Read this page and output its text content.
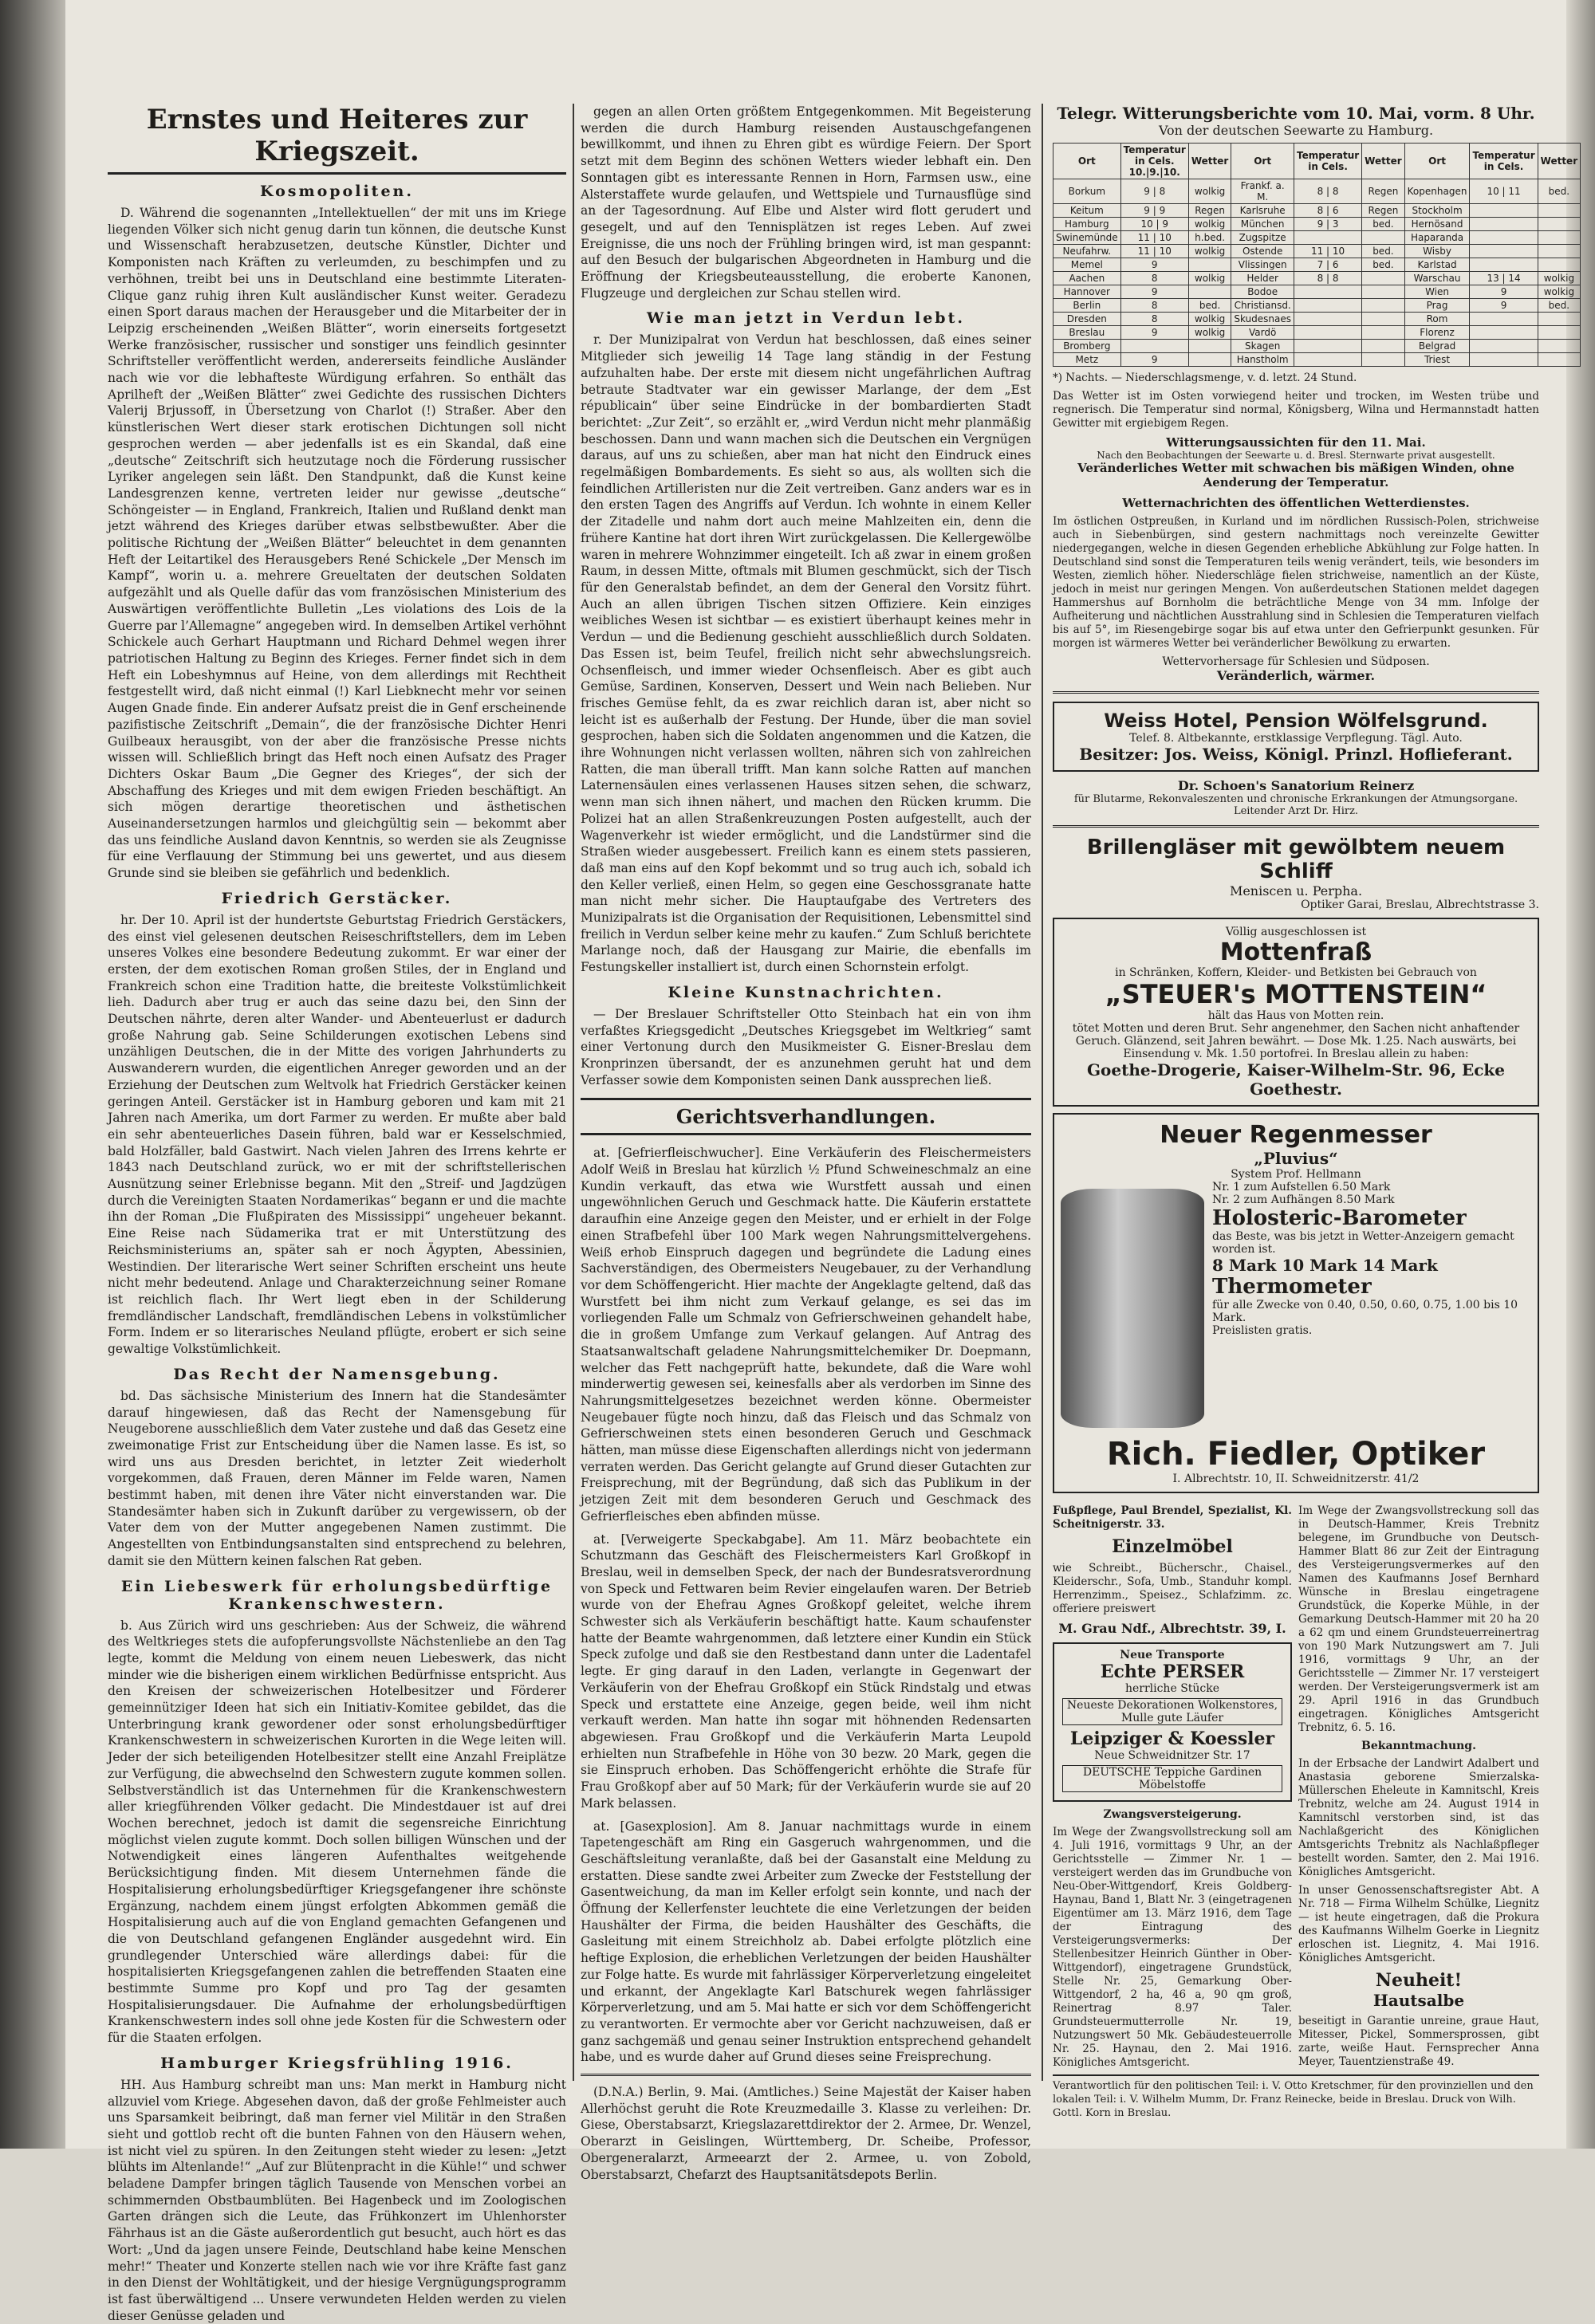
Ernstes und Heiteres zur Kriegszeit.
Kosmopoliten.

D. Während die sogenannten „Intellektuellen“ der mit uns im Kriege liegenden Völker sich nicht genug darin tun können, die deutsche Kunst und Wissenschaft herabzusetzen, deutsche Künstler, Dichter und Komponisten nach Kräften zu verleumden, zu beschimpfen und zu verhöhnen, treibt bei uns in Deutschland eine bestimmte Literaten-Clique ganz ruhig ihren Kult ausländischer Kunst weiter. Geradezu einen Sport daraus machen der Herausgeber und die Mitarbeiter der in Leipzig erscheinenden „Weißen Blätter“, worin einerseits fortgesetzt Werke französischer, russischer und sonstiger uns feindlich gesinnter Schriftsteller veröffentlicht werden, andererseits feindliche Ausländer nach wie vor die lebhafteste Würdigung erfahren. So enthält das Aprilheft der „Weißen Blätter“ zwei Gedichte des russischen Dichters Valerij Brjussoff, in Übersetzung von Charlot (!) Straßer. Aber den künstlerischen Wert dieser stark erotischen Dichtungen soll nicht gesprochen werden — aber jedenfalls ist es ein Skandal, daß eine „deutsche“ Zeitschrift sich heutzutage noch die Förderung russischer Lyriker angelegen sein läßt. Den Standpunkt, daß die Kunst keine Landesgrenzen kenne, vertreten leider nur gewisse „deutsche“ Schöngeister — in England, Frankreich, Italien und Rußland denkt man jetzt während des Krieges darüber etwas selbstbewußter. Aber die politische Richtung der „Weißen Blätter“ beleuchtet in dem genannten Heft der Leitartikel des Herausgebers René Schickele „Der Mensch im Kampf“, worin u. a. mehrere Greueltaten der deutschen Soldaten aufgezählt und als Quelle dafür das vom französischen Ministerium des Auswärtigen veröffentlichte Bulletin „Les violations des Lois de la Guerre par l’Allemagne“ angegeben wird. In demselben Artikel verhöhnt Schickele auch Gerhart Hauptmann und Richard Dehmel wegen ihrer patriotischen Haltung zu Beginn des Krieges. Ferner findet sich in dem Heft ein Lobeshymnus auf Heine, von dem allerdings mit Rechtheit festgestellt wird, daß nicht einmal (!) Karl Liebknecht mehr vor seinen Augen Gnade finde. Ein anderer Aufsatz preist die in Genf erscheinende pazifistische Zeitschrift „Demain“, die der französische Dichter Henri Guilbeaux herausgibt, von der aber die französische Presse nichts wissen will. Schließlich bringt das Heft noch einen Aufsatz des Prager Dichters Oskar Baum „Die Gegner des Krieges“, der sich der Abschaffung des Krieges und mit dem ewigen Frieden beschäftigt. An sich mögen derartige theoretischen und ästhetischen Auseinandersetzungen harmlos und gleichgültig sein — bekommt aber das uns feindliche Ausland davon Kenntnis, so werden sie als Zeugnisse für eine Verflauung der Stimmung bei uns gewertet, und aus diesem Grunde sind sie bleiben sie gefährlich und bedenklich.

Friedrich Gerstäcker.

hr. Der 10. April ist der hundertste Geburtstag Friedrich Gerstäckers, des einst viel gelesenen deutschen Reiseschriftstellers, dem im Leben unseres Volkes eine besondere Bedeutung zukommt. Er war einer der ersten, der dem exotischen Roman großen Stiles, der in England und Frankreich schon eine Tradition hatte, die breiteste Volkstümlichkeit lieh. Dadurch aber trug er auch das seine dazu bei, den Sinn der Deutschen nährte, deren alter Wander- und Abenteuerlust er dadurch große Nahrung gab. Seine Schilderungen exotischen Lebens sind unzähligen Deutschen, die in der Mitte des vorigen Jahrhunderts zu Auswanderern wurden, die eigentlichen Anreger geworden und an der Erziehung der Deutschen zum Weltvolk hat Friedrich Gerstäcker keinen geringen Anteil. Gerstäcker ist in Hamburg geboren und kam mit 21 Jahren nach Amerika, um dort Farmer zu werden. Er mußte aber bald ein sehr abenteuerliches Dasein führen, bald war er Kesselschmied, bald Holzfäller, bald Gastwirt. Nach vielen Jahren des Irrens kehrte er 1843 nach Deutschland zurück, wo er mit der schriftstellerischen Ausnützung seiner Erlebnisse begann. Mit den „Streif- und Jagdzügen durch die Vereinigten Staaten Nordamerikas“ begann er und die machte ihn der Roman „Die Flußpiraten des Mississippi“ ungeheuer bekannt. Eine Reise nach Südamerika trat er mit Unterstützung des Reichsministeriums an, später sah er noch Ägypten, Abessinien, Westindien. Der literarische Wert seiner Schriften erscheint uns heute nicht mehr bedeutend. Anlage und Charakterzeichnung seiner Romane ist reichlich flach. Ihr Wert liegt eben in der Schilderung fremdländischer Landschaft, fremdländischen Lebens in volkstümlicher Form. Indem er so literarisches Neuland pflügte, erobert er sich seine gewaltige Volkstümlichkeit.

Das Recht der Namensgebung.

bd. Das sächsische Ministerium des Innern hat die Standesämter darauf hingewiesen, daß das Recht der Namensgebung für Neugeborene ausschließlich dem Vater zustehe und daß das Gesetz eine zweimonatige Frist zur Entscheidung über die Namen lasse. Es ist, so wird uns aus Dresden berichtet, in letzter Zeit wiederholt vorgekommen, daß Frauen, deren Männer im Felde waren, Namen bestimmt haben, mit denen ihre Väter nicht einverstanden war. Die Standesämter haben sich in Zukunft darüber zu vergewissern, ob der Vater dem von der Mutter angegebenen Namen zustimmt. Die Angestellten von Entbindungsanstalten sind entsprechend zu belehren, damit sie den Müttern keinen falschen Rat geben.

Ein Liebeswerk für erholungsbedürftige Krankenschwestern.

b. Aus Zürich wird uns geschrieben: Aus der Schweiz, die während des Weltkrieges stets die aufopferungsvollste Nächstenliebe an den Tag legte, kommt die Meldung von einem neuen Liebeswerk, das nicht minder wie die bisherigen einem wirklichen Bedürfnisse entspricht. Aus den Kreisen der schweizerischen Hotelbesitzer und Förderer gemeinnütziger Ideen hat sich ein Initiativ-Komitee gebildet, das die Unterbringung krank gewordener oder sonst erholungsbedürftiger Krankenschwestern in schweizerischen Kurorten in die Wege leiten will. Jeder der sich beteiligenden Hotelbesitzer stellt eine Anzahl Freiplätze zur Verfügung, die abwechselnd den Schwestern zugute kommen sollen. Selbstverständlich ist das Unternehmen für die Krankenschwestern aller kriegführenden Völker gedacht. Die Mindestdauer ist auf drei Wochen berechnet, jedoch ist damit die segensreiche Einrichtung möglichst vielen zugute kommt. Doch sollen billigen Wünschen und der Notwendigkeit eines längeren Aufenthaltes weitgehende Berücksichtigung finden. Mit diesem Unternehmen fände die Hospitalisierung erholungsbedürftiger Kriegsgefangener ihre schönste Ergänzung, nachdem einem jüngst erfolgten Abkommen gemäß die Hospitalisierung auch auf die von England gemachten Gefangenen und die von Deutschland gefangenen Engländer ausgedehnt wird. Ein grundlegender Unterschied wäre allerdings dabei: für die hospitalisierten Kriegsgefangenen zahlen die betreffenden Staaten eine bestimmte Summe pro Kopf und pro Tag der gesamten Hospitalisierungsdauer. Die Aufnahme der erholungsbedürftigen Krankenschwestern indes soll ohne jede Kosten für die Schwestern oder für die Staaten erfolgen.

Hamburger Kriegsfrühling 1916.

HH. Aus Hamburg schreibt man uns: Man merkt in Hamburg nicht allzuviel vom Kriege. Abgesehen davon, daß der große Fehlmeister auch uns Sparsamkeit beibringt, daß man ferner viel Militär in den Straßen sieht und gottlob recht oft die bunten Fahnen von den Häusern wehen, ist nicht viel zu spüren. In den Zeitungen steht wieder zu lesen: „Jetzt blühts im Altenlande!“ „Auf zur Blütenpracht in die Kühle!“ und schwer beladene Dampfer bringen täglich Tausende von Menschen vorbei an schimmernden Obstbaumblüten. Bei Hagenbeck und im Zoologischen Garten drängen sich die Leute, das Frühkonzert im Uhlenhorster Fährhaus ist an die Gäste außerordentlich gut besucht, auch hört es das Wort: „Und da jagen unsere Feinde, Deutschland habe keine Menschen mehr!“ Theater und Konzerte stellen nach wie vor ihre Kräfte fast ganz in den Dienst der Wohltätigkeit, und der hiesige Vergnügungsprogramm ist fast überwältigend ... Unsere verwundeten Helden werden zu vielen dieser Genüsse geladen und

gegen an allen Orten größtem Entgegenkommen. Mit Begeisterung werden die durch Hamburg reisenden Austauschgefangenen bewillkommt, und ihnen zu Ehren gibt es würdige Feiern. Der Sport setzt mit dem Beginn des schönen Wetters wieder lebhaft ein. Den Sonntagen gibt es interessante Rennen in Horn, Farmsen usw., eine Alsterstaffete wurde gelaufen, und Wettspiele und Turnausflüge sind an der Tagesordnung. Auf Elbe und Alster wird flott gerudert und gesegelt, und auf den Tennisplätzen ist reges Leben. Auf zwei Ereignisse, die uns noch der Frühling bringen wird, ist man gespannt: auf den Besuch der bulgarischen Abgeordneten in Hamburg und die Eröffnung der Kriegsbeuteausstellung, die eroberte Kanonen, Flugzeuge und dergleichen zur Schau stellen wird.

Wie man jetzt in Verdun lebt.

r. Der Munizipalrat von Verdun hat beschlossen, daß eines seiner Mitglieder sich jeweilig 14 Tage lang ständig in der Festung aufzuhalten habe. Der erste mit diesem nicht ungefährlichen Auftrag betraute Stadtvater war ein gewisser Marlange, der dem „Est républicain“ über seine Eindrücke in der bombardierten Stadt berichtet: „Zur Zeit“, so erzählt er, „wird Verdun nicht mehr planmäßig beschossen. Dann und wann machen sich die Deutschen ein Vergnügen daraus, auf uns zu schießen, aber man hat nicht den Eindruck eines regelmäßigen Bombardements. Es sieht so aus, als wollten sich die feindlichen Artilleristen nur die Zeit vertreiben. Ganz anders war es in den ersten Tagen des Angriffs auf Verdun. Ich wohnte in einem Keller der Zitadelle und nahm dort auch meine Mahlzeiten ein, denn die frühere Kantine hat dort ihren Wirt zurückgelassen. Die Kellergewölbe waren in mehrere Wohnzimmer eingeteilt. Ich aß zwar in einem großen Raum, in dessen Mitte, oftmals mit Blumen geschmückt, sich der Tisch für den Generalstab befindet, an dem der General den Vorsitz führt. Auch an allen übrigen Tischen sitzen Offiziere. Kein einziges weibliches Wesen ist sichtbar — es existiert überhaupt keines mehr in Verdun — und die Bedienung geschieht ausschließlich durch Soldaten. Das Essen ist, beim Teufel, freilich nicht sehr abwechslungsreich. Ochsenfleisch, und immer wieder Ochsenfleisch. Aber es gibt auch Gemüse, Sardinen, Konserven, Dessert und Wein nach Belieben. Nur frisches Gemüse fehlt, da es zwar reichlich daran ist, aber nicht so leicht ist es außerhalb der Festung. Der Hunde, über die man soviel gesprochen, haben sich die Soldaten angenommen und die Katzen, die ihre Wohnungen nicht verlassen wollten, nähren sich von zahlreichen Ratten, die man überall trifft. Man kann solche Ratten auf manchen Laternensäulen eines verlassenen Hauses sitzen sehen, die schwarz, wenn man sich ihnen nähert, und machen den Rücken krumm. Die Polizei hat an allen Straßenkreuzungen Posten aufgestellt, auch der Wagenverkehr ist wieder ermöglicht, und die Landstürmer sind die Straßen wieder ausgebessert. Freilich kann es einem stets passieren, daß man eins auf den Kopf bekommt und so trug auch ich, sobald ich den Keller verließ, einen Helm, so gegen eine Geschossgranate hatte man nicht mehr sicher. Die Hauptaufgabe des Vertreters des Munizipalrats ist die Organisation der Requisitionen, Lebensmittel sind freilich in Verdun selber keine mehr zu kaufen.“ Zum Schluß berichtete Marlange noch, daß der Hausgang zur Mairie, die ebenfalls im Festungskeller installiert ist, durch einen Schornstein erfolgt.

Kleine Kunstnachrichten.

— Der Breslauer Schriftsteller Otto Steinbach hat ein von ihm verfaßtes Kriegsgedicht „Deutsches Kriegsgebet im Weltkrieg“ samt einer Vertonung durch den Musikmeister G. Eisner-Breslau dem Kronprinzen übersandt, der es anzunehmen geruht hat und dem Verfasser sowie dem Komponisten seinen Dank aussprechen ließ.

Gerichtsverhandlungen.

at. [Gefrierfleischwucher]. Eine Verkäuferin des Fleischermeisters Adolf Weiß in Breslau hat kürzlich ½ Pfund Schweineschmalz an eine Kundin verkauft, das etwa wie Wurstfett aussah und einen ungewöhnlichen Geruch und Geschmack hatte. Die Käuferin erstattete daraufhin eine Anzeige gegen den Meister, und er erhielt in der Folge einen Strafbefehl über 100 Mark wegen Nahrungsmittelvergehens. Weiß erhob Einspruch dagegen und begründete die Ladung eines Sachverständigen, des Obermeisters Neugebauer, zu der Verhandlung vor dem Schöffengericht. Hier machte der Angeklagte geltend, daß das Wurstfett bei ihm nicht zum Verkauf gelange, es sei das im vorliegenden Falle um Schmalz von Gefrierschweinen gehandelt habe, die in großem Umfange zum Verkauf gelangen. Auf Antrag des Staatsanwaltschaft geladene Nahrungsmittelchemiker Dr. Doepmann, welcher das Fett nachgeprüft hatte, bekundete, daß die Ware wohl minderwertig gewesen sei, keinesfalls aber als verdorben im Sinne des Nahrungsmittelgesetzes bezeichnet werden könne. Obermeister Neugebauer fügte noch hinzu, daß das Fleisch und das Schmalz von Gefrierschweinen stets einen besonderen Geruch und Geschmack hätten, man müsse diese Eigenschaften allerdings nicht von jedermann verraten werden. Das Gericht gelangte auf Grund dieser Gutachten zur Freisprechung, mit der Begründung, daß sich das Publikum in der jetzigen Zeit mit dem besonderen Geruch und Geschmack des Gefrierfleisches eben abfinden müsse.

at. [Verweigerte Speckabgabe]. Am 11. März beobachtete ein Schutzmann das Geschäft des Fleischermeisters Karl Großkopf in Breslau, weil in demselben Speck, der nach der Bundesratsverordnung von Speck und Fettwaren beim Revier eingelaufen waren. Der Betrieb wurde von der Ehefrau Agnes Großkopf geleitet, welche ihrem Schwester sich als Verkäuferin beschäftigt hatte. Kaum schaufenster hatte der Beamte wahrgenommen, daß letztere einer Kundin ein Stück Speck zufolge und daß sie den Restbestand dann unter die Ladentafel legte. Er ging darauf in den Laden, verlangte in Gegenwart der Verkäuferin von der Ehefrau Großkopf ein Stück Rindstalg und etwas Speck und erstattete eine Anzeige, gegen beide, weil ihm nicht verkauft werden. Man hatte ihn sogar mit höhnenden Redensarten abgewiesen. Frau Großkopf und die Verkäuferin Marta Leupold erhielten nun Strafbefehle in Höhe von 30 bezw. 20 Mark, gegen die sie Einspruch erhoben. Das Schöffengericht erhöhte die Strafe für Frau Großkopf aber auf 50 Mark; für der Verkäuferin wurde sie auf 20 Mark belassen.

at. [Gasexplosion]. Am 8. Januar nachmittags wurde in einem Tapetengeschäft am Ring ein Gasgeruch wahrgenommen, und die Geschäftsleitung veranlaßte, daß bei der Gasanstalt eine Meldung zu erstatten. Diese sandte zwei Arbeiter zum Zwecke der Feststellung der Gasentweichung, da man im Keller erfolgt sein konnte, und nach der Öffnung der Kellerfenster leuchtete die eine Verletzungen der beiden Haushälter der Firma, die beiden Haushälter des Geschäfts, die Gasleitung mit einem Streichholz ab. Dabei erfolgte plötzlich eine heftige Explosion, die erheblichen Verletzungen der beiden Haushälter zur Folge hatte. Es wurde mit fahrlässiger Körperverletzung eingeleitet und erkannt, der Angeklagte Karl Batschurek wegen fahrlässiger Körperverletzung, und am 5. Mai hatte er sich vor dem Schöffengericht zu verantworten. Er vermochte aber vor Gericht nachzuweisen, daß er ganz sachgemäß und genau seiner Instruktion entsprechend gehandelt habe, und es wurde daher auf Grund dieses seine Freisprechung.

(D.N.A.) Berlin, 9. Mai. (Amtliches.) Seine Majestät der Kaiser haben Allerhöchst geruht die Rote Kreuzmedaille 3. Klasse zu verleihen: Dr. Giese, Oberstabsarzt, Kriegslazarettdirektor der 2. Armee, Dr. Wenzel, Oberarzt in Geislingen, Württemberg, Dr. Scheibe, Professor, Obergeneralarzt, Armeearzt der 2. Armee, u. von Zobold, Oberstabsarzt, Chefarzt des Hauptsanitätsdepots Berlin.

Telegr. Witterungsberichte vom 10. Mai, vorm. 8 Uhr.
Von der deutschen Seewarte zu Hamburg.
Ort	Temperatur in Cels. 10.|9.|10.	Wetter	Ort	Temperatur in Cels.	Wetter	Ort	Temperatur in Cels.	Wetter
Borkum	9 | 8	wolkig	Frankf. a. M.	8 | 8	Regen	Kopenhagen	10 | 11	bed.
Keitum	9 | 9	Regen	Karlsruhe	8 | 6	Regen	Stockholm		
Hamburg	10 | 9	wolkig	München	9 | 3	bed.	Hernösand		
Swinemünde	11 | 10	h.bed.	Zugspitze			Haparanda		
Neufahrw.	11 | 10	wolkig	Ostende	11 | 10	bed.	Wisby		
Memel	9		Vlissingen	7 | 6	bed.	Karlstad		
Aachen	8	wolkig	Helder	8 | 8		Warschau	13 | 14	wolkig
Hannover	9		Bodoe			Wien	9	wolkig
Berlin	8	bed.	Christiansd.			Prag	9	bed.
Dresden	8	wolkig	Skudesnaes			Rom		
Breslau	9	wolkig	Vardö			Florenz		
Bromberg			Skagen			Belgrad		
Metz	9		Hanstholm			Triest		
*) Nachts. — Niederschlagsmenge, v. d. letzt. 24 Stund.
Das Wetter ist im Osten vorwiegend heiter und trocken, im Westen trübe und regnerisch. Die Temperatur sind normal, Königsberg, Wilna und Hermannstadt hatten Gewitter mit ergiebigem Regen.
Witterungsaussichten für den 11. Mai.
Nach den Beobachtungen der Seewarte u. d. Bresl. Sternwarte privat ausgestellt.
Veränderliches Wetter mit schwachen bis mäßigen Winden, ohne Aenderung der Temperatur.
Wetternachrichten des öffentlichen Wetterdienstes.
Im östlichen Ostpreußen, in Kurland und im nördlichen Russisch-Polen, strichweise auch in Siebenbürgen, sind gestern nachmittags noch vereinzelte Gewitter niedergegangen, welche in diesen Gegenden erhebliche Abkühlung zur Folge hatten. In Deutschland sind sonst die Temperaturen teils wenig verändert, teils, wie besonders im Westen, ziemlich höher. Niederschläge fielen strichweise, namentlich an der Küste, jedoch in meist nur geringen Mengen. Von außerdeutschen Stationen meldet dagegen Hammershus auf Bornholm die beträchtliche Menge von 34 mm. Infolge der Aufheiterung und nächtlichen Ausstrahlung sind in Schlesien die Temperaturen vielfach bis auf 5°, im Riesengebirge sogar bis auf etwa unter den Gefrierpunkt gesunken. Für morgen ist wärmeres Wetter bei veränderlicher Bewölkung zu erwarten.
Wettervorhersage für Schlesien und Südposen.
Veränderlich, wärmer.
Weiss Hotel, Pension Wölfelsgrund.
Telef. 8. Altbekannte, erstklassige Verpflegung. Tägl. Auto.
Besitzer: Jos. Weiss, Königl. Prinzl. Hoflieferant.
Dr. Schoen's Sanatorium Reinerz
für Blutarme, Rekonvaleszenten und chronische Erkrankungen der Atmungsorgane. Leitender Arzt Dr. Hirz.
Brillengläser mit gewölbtem neuem Schliff
Meniscen u. Perpha.
Optiker Garai, Breslau, Albrechtstrasse 3.
Völlig ausgeschlossen ist
Mottenfraß
in Schränken, Koffern, Kleider- und Betkisten bei Gebrauch von
„STEUER's MOTTENSTEIN“
hält das Haus von Motten rein.
tötet Motten und deren Brut. Sehr angenehmer, den Sachen nicht anhaftender Geruch. Glänzend, seit Jahren bewährt. — Dose Mk. 1.25. Nach auswärts, bei Einsendung v. Mk. 1.50 portofrei. In Breslau allein zu haben:
Goethe-Drogerie, Kaiser-Wilhelm-Str. 96, Ecke Goethestr.
Neuer Regenmesser
„Pluvius“
System Prof. Hellmann
Nr. 1 zum Aufstellen 6.50 Mark
Nr. 2 zum Aufhängen 8.50 Mark
Holosteric-Barometer
das Beste, was bis jetzt in Wetter-Anzeigern gemacht worden ist.
8 Mark 10 Mark 14 Mark
Thermometer
für alle Zwecke von 0.40, 0.50, 0.60, 0.75, 1.00 bis 10 Mark.
Preislisten gratis.
Rich. Fiedler, Optiker
I. Albrechtstr. 10, II. Schweidnitzerstr. 41/2
Fußpflege, Paul Brendel, Spezialist, Kl. Scheitnigerstr. 33.
Einzelmöbel
wie Schreibt., Bücherschr., Chaisel., Kleiderschr., Sofa, Umb., Standuhr kompl. Herrenzimm., Speisez., Schlafzimm. zc. offeriere preiswert
M. Grau Ndf., Albrechtstr. 39, I.
Neue Transporte
Echte PERSER
herrliche Stücke
Neueste Dekorationen Wolkenstores, Mulle gute Läufer
Leipziger & Koessler
Neue Schweidnitzer Str. 17
DEUTSCHE Teppiche Gardinen Möbelstoffe
Zwangsversteigerung.
Im Wege der Zwangsvollstreckung soll am 4. Juli 1916, vormittags 9 Uhr, an der Gerichtsstelle — Zimmer Nr. 1 — versteigert werden das im Grundbuche von Neu-Ober-Wittgendorf, Kreis Goldberg-Haynau, Band 1, Blatt Nr. 3 (eingetragenen Eigentümer am 13. März 1916, dem Tage der Eintragung des Versteigerungsvermerks: Der Stellenbesitzer Heinrich Günther in Ober-Wittgendorf), eingetragene Grundstück, Stelle Nr. 25, Gemarkung Ober-Wittgendorf, 2 ha, 46 a, 90 qm groß, Reinertrag 8.97 Taler. Grundsteuermutterrolle Nr. 19, Nutzungswert 50 Mk. Gebäudesteuerrolle Nr. 25. Haynau, den 2. Mai 1916. Königliches Amtsgericht.
Im Wege der Zwangsvollstreckung soll das in Deutsch-Hammer, Kreis Trebnitz belegene, im Grundbuche von Deutsch-Hammer Blatt 86 zur Zeit der Eintragung des Versteigerungsvermerkes auf den Namen des Kaufmanns Josef Bernhard Wünsche in Breslau eingetragene Grundstück, die Koperke Mühle, in der Gemarkung Deutsch-Hammer mit 20 ha 20 a 62 qm und einem Grundsteuerreinertrag von 190 Mark Nutzungswert am 7. Juli 1916, vormittags 9 Uhr, an der Gerichtsstelle — Zimmer Nr. 17 versteigert werden. Der Versteigerungsvermerk ist am 29. April 1916 in das Grundbuch eingetragen. Königliches Amtsgericht Trebnitz, 6. 5. 16.
Bekanntmachung.
In der Erbsache der Landwirt Adalbert und Anastasia geborene Smierzalska-Müllerschen Eheleute in Kamnitschl, Kreis Trebnitz, welche am 24. August 1914 in Kamnitschl verstorben sind, ist das Nachlaßgericht des Königlichen Amtsgerichts Trebnitz als Nachlaßpfleger bestellt worden. Samter, den 2. Mai 1916. Königliches Amtsgericht.
In unser Genossenschaftsregister Abt. A Nr. 718 — Firma Wilhelm Schülke, Liegnitz — ist heute eingetragen, daß die Prokura des Kaufmanns Wilhelm Goerke in Liegnitz erloschen ist. Liegnitz, 4. Mai 1916. Königliches Amtsgericht.
Neuheit!
Hautsalbe
beseitigt in Garantie unreine, graue Haut, Mitesser, Pickel, Sommersprossen, gibt zarte, weiße Haut. Fernsprecher Anna Meyer, Tauentzienstraße 49.
Verantwortlich für den politischen Teil: i. V. Otto Kretschmer, für den provinziellen und den lokalen Teil: i. V. Wilhelm Mumm, Dr. Franz Reinecke, beide in Breslau. Druck von Wilh. Gottl. Korn in Breslau.
